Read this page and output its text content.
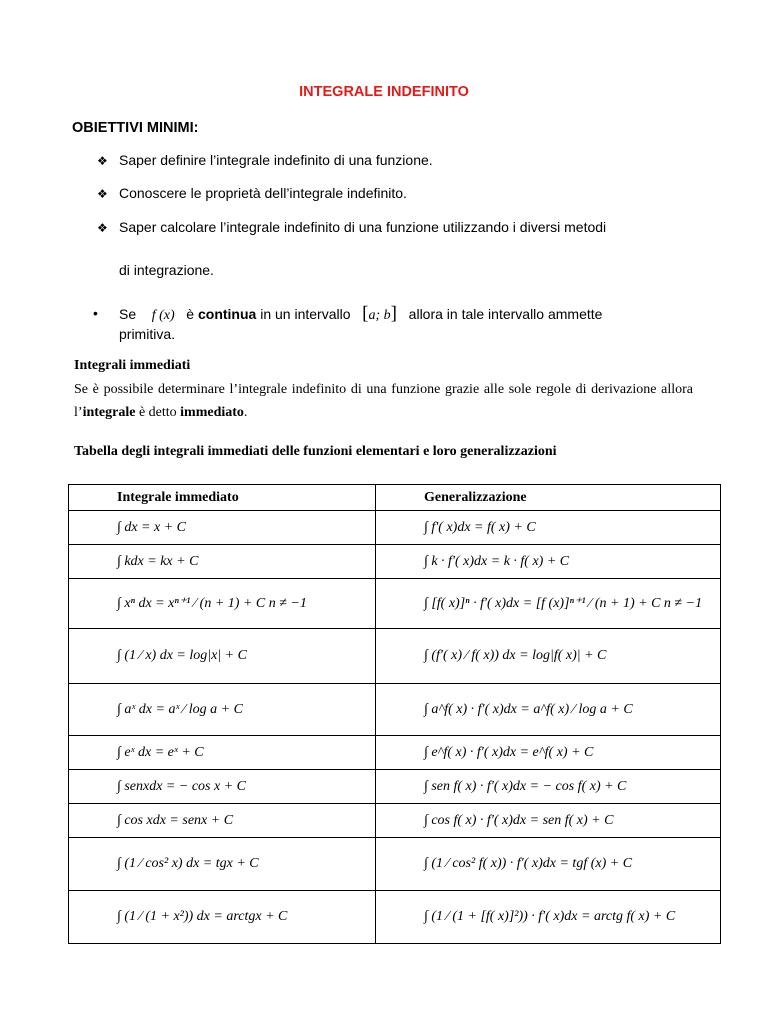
INTEGRALE INDEFINITO
OBIETTIVI MINIMI:
❖ Saper definire l’integrale indefinito di una funzione.
❖ Conoscere le proprietà dell’integrale indefinito.
❖ Saper calcolare l’integrale indefinito di una funzione utilizzando i diversi metodi
di integrazione.
• Se f (x) è continua in un intervallo [a; b] allora in tale intervallo ammette
primitiva.
Integrali immediati
Se è possibile determinare l’integrale indefinito di una funzione grazie alle sole regole di derivazione allora l’integrale è detto immediato.
Tabella degli integrali immediati delle funzioni elementari e loro generalizzazioni
Integrale immediato	Generalizzazione
∫ dx = x + C	∫ f′( x)dx = f( x) + C
∫ kdx = kx + C	∫ k · f′( x)dx = k · f( x) + C
∫ xⁿ dx = xⁿ⁺¹ ⁄ (n + 1) + C n ≠ −1	∫ [f( x)]ⁿ · f′( x)dx = [f (x)]ⁿ⁺¹ ⁄ (n + 1) + C n ≠ −1
∫ (1 ⁄ x) dx = log|x| + C	∫ (f′( x) ⁄ f( x)) dx = log|f( x)| + C
∫ aˣ dx = aˣ ⁄ log a + C	∫ a^f( x) · f′( x)dx = a^f( x) ⁄ log a + C
∫ eˣ dx = eˣ + C	∫ e^f( x) · f′( x)dx = e^f( x) + C
∫ senxdx = − cos x + C	∫ sen f( x) · f′( x)dx = − cos f( x) + C
∫ cos xdx = senx + C	∫ cos f( x) · f′( x)dx = sen f( x) + C
∫ (1 ⁄ cos² x) dx = tgx + C	∫ (1 ⁄ cos² f( x)) · f′( x)dx = tgf (x) + C
∫ (1 ⁄ (1 + x²)) dx = arctgx + C	∫ (1 ⁄ (1 + [f( x)]²)) · f′( x)dx = arctg f( x) + C
